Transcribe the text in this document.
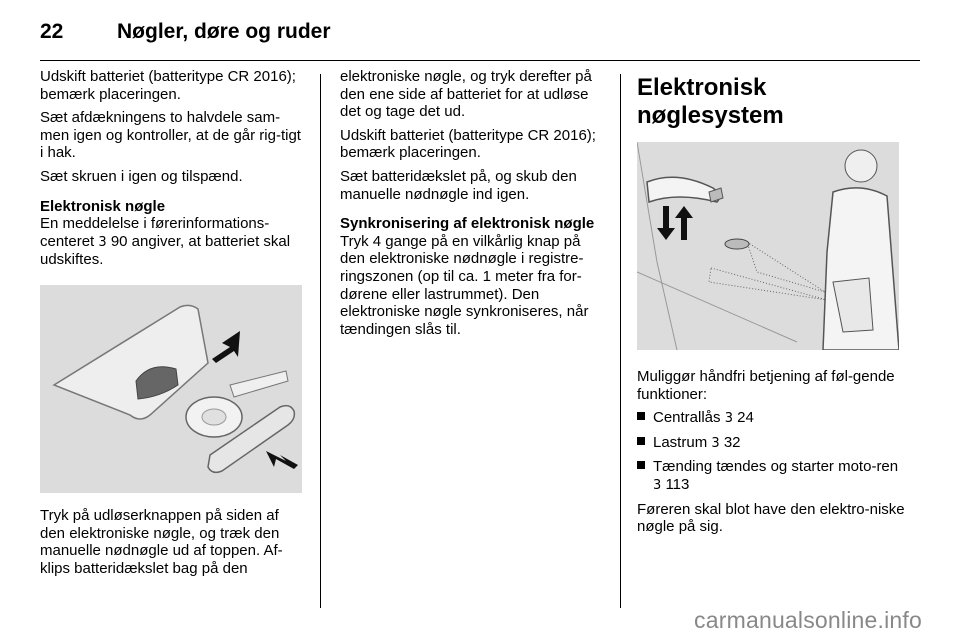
22	Nøgler, døre og ruder

Udskift batteriet (batteritype CR 2016); bemærk placeringen.

Sæt afdækningens to halvdele sam-men igen og kontroller, at de går rig-tigt i hak.

Sæt skruen i igen og tilspænd.

Elektronisk nøgle

En meddelelse i førerinformations-centeret 3 90 angiver, at batteriet skal udskiftes.

Tryk på udløserknappen på siden af den elektroniske nøgle, og træk den manuelle nødnøgle ud af toppen. Af-klips batteridækslet bag på den

elektroniske nøgle, og tryk derefter på den ene side af batteriet for at udløse det og tage det ud.

Udskift batteriet (batteritype CR 2016); bemærk placeringen.

Sæt batteridækslet på, og skub den manuelle nødnøgle ind igen.

Synkronisering af elektronisk nøgle

Tryk 4 gange på en vilkårlig knap på den elektroniske nødnøgle i registre-ringszonen (op til ca. 1 meter fra for-dørene eller lastrummet). Den elektroniske nøgle synkroniseres, når tændingen slås til.

Elektronisk nøglesystem

Muliggør håndfri betjening af føl-gende funktioner:

Centrallås 3 24
Lastrum 3 32
Tænding tændes og starter moto-ren 3 113

Føreren skal blot have den elektro-niske nøgle på sig.

carmanualsonline.info
